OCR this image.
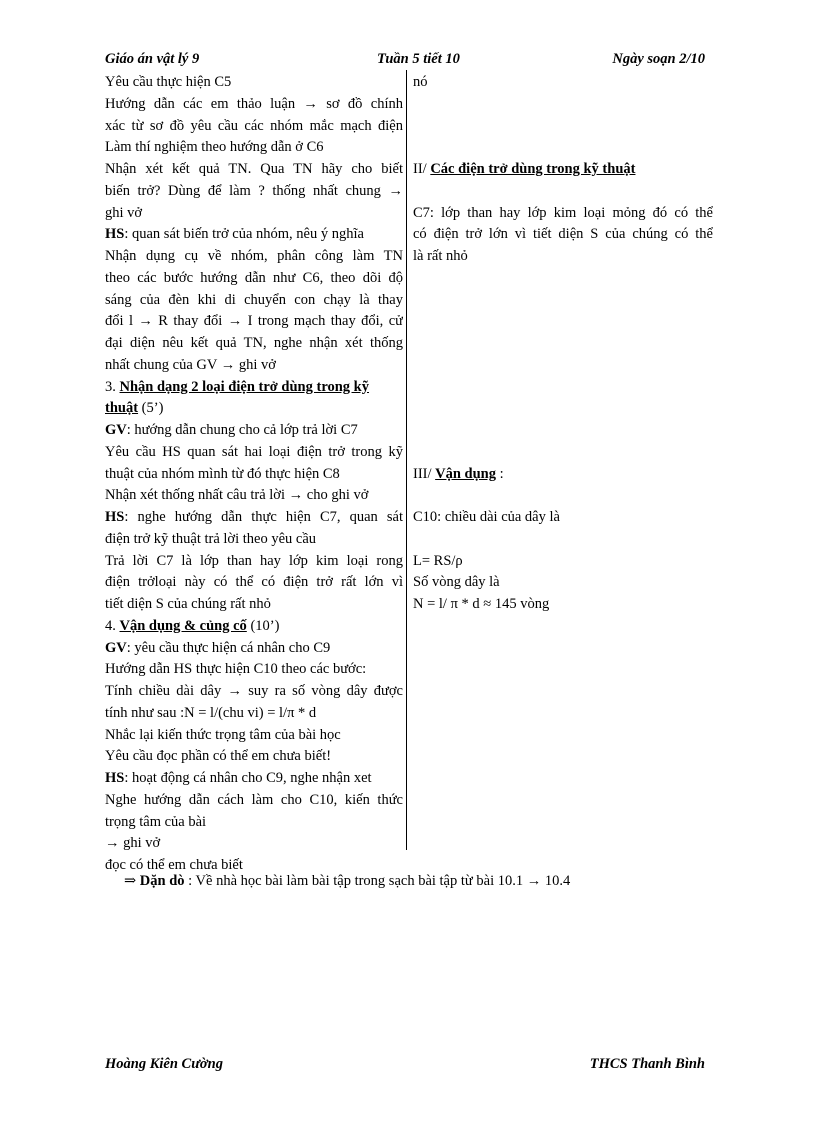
Giáo án vật lý 9	Tuần 5 tiết 10	Ngày soạn 2/10
Yêu cầu thực hiện C5
Hướng dẫn các em thảo luận → sơ đồ chính
xác từ sơ đồ yêu cầu các nhóm mắc mạch điện
Làm thí nghiệm theo hướng dẫn ở C6
Nhận xét kết quả TN. Qua TN hãy cho biết
biến trở? Dùng để làm ? thống nhất chung →
ghi vở
HS: quan sát biến trở của nhóm, nêu ý nghĩa
Nhận dụng cụ về nhóm, phân công làm TN
theo các bước hướng dẫn như C6, theo dõi độ
sáng của đèn khi di chuyển con chạy là thay
đổi l → R thay đổi → I trong mạch thay đổi, cử
đại diện nêu kết quả TN, nghe nhận xét thống
nhất chung của GV → ghi vở
3. Nhận dạng 2 loại điện trở dùng trong kỹ
thuật (5’)
GV: hướng dẫn chung cho cả lớp trả lời C7
Yêu cầu HS quan sát hai loại điện trở trong kỹ
thuật của nhóm mình từ đó thực hiện C8
Nhận xét thống nhất câu trả lời → cho ghi vở
HS: nghe hướng dẫn thực hiện C7, quan sát
điện trở kỹ thuật trả lời theo yêu cầu
Trả lời C7 là lớp than hay lớp kim loại rong
điện trởloại này có thể có điện trở rất lớn vì
tiết diện S của chúng rất nhỏ
4. Vận dụng & củng cố (10’)
GV: yêu cầu thực hiện cá nhân cho C9
Hướng dẫn HS thực hiện C10 theo các bước:
Tính chiều dài dây → suy ra số vòng dây được
tính như sau :N = l/(chu vi) = l/π * d
Nhắc lại kiến thức trọng tâm của bài học
Yêu cầu đọc phần có thể em chưa biết!
HS: hoạt động cá nhân cho C9, nghe nhận xet
Nghe hướng dẫn cách làm cho C10, kiến thức
trọng tâm của bài
→ ghi vở
đọc có thể em chưa biết
nó
II/ Các điện trở dùng trong kỹ thuật
C7: lớp than hay lớp kim loại mỏng đó có thể
có điện trở lớn vì tiết diện S của chúng có thể
là rất nhỏ
III/ Vận dụng :
C10: chiều dài của dây là
L= RS/ρ
Số vòng dây là
N = l/ π * d ≈ 145 vòng
⇒ Dặn dò : Về nhà học bài làm bài tập trong sạch bài tập từ bài 10.1 → 10.4
Hoàng Kiên Cường	THCS Thanh Bình
